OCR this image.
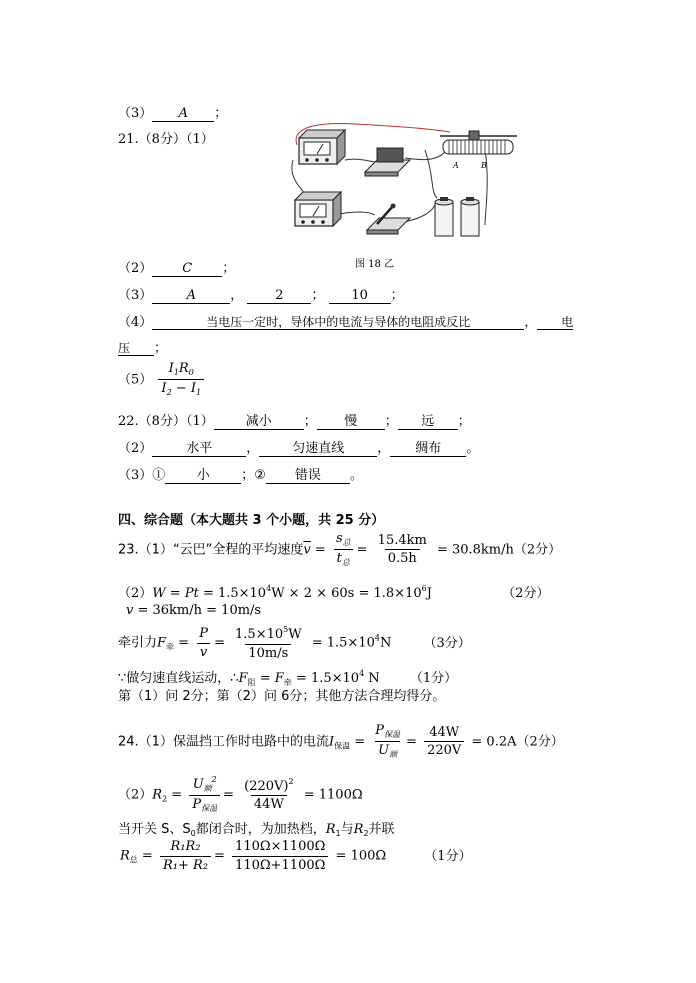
（3） A ；
21.（8分）（1）
A	B
图 18 乙
（2） C ；
（3）	A	， 2 ； 10 ；
（4）	当电压一定时，导体中的电流与导体的电阻成反比	， 电
压 ；
$(5) \frac{I_1R_0}{I_2 - I_1}$
22.（8分）（1） 减小 ； 慢 ； 远 ；
（2）	水平	，	匀速直线	， 绸布 。
（3）① 小 ；② 错误 。
四、综合题（本大题共 3 个小题，共 25 分）
23.（1）“云巴”全程的平均速度$\overline{v} = \frac{s_总}{t_总} = \frac{15.4km}{0.5h} = 30.8km/h(2$分）
$(2)W = Pt = 1.5\times 10^4W \times 2 \times 60s = 1.8\times 10^6J$	（2分）
v = 36km/h = 10m/s
牵引力$F_牵 = \frac{P}{v} = \frac{1.5\times 10^5W}{10m/s} = 1.5\times 10^4N$ （3分）
∵做匀速直线运动，$\therefore F_阻 = F_牵 = 1.5\times 10^4$ N （1分）
第（1）问 2分；第（2）问 6分；其他方法合理均得分。
24.（1）保温挡工作时电路中的电流$I_{保温} = \frac{P_{保温}}{U_额} = \frac{44W}{220V} = 0.2A(2$分）
$(2)R_2 = \frac{U_额^2}{P_{保温}} = \frac{(220V)^2}{44W} = 1100\Omega$
当开关 S、$S_0$都闭合时，为加热档，$R_1$与$R_2$并联
$R_总 = \frac{\text{R₁R₂}}{\text{R₁+ R₂}} = \frac{110\Omega\times 1100\Omega}{110\Omega+1100\Omega} = 100\Omega$	（1分）
